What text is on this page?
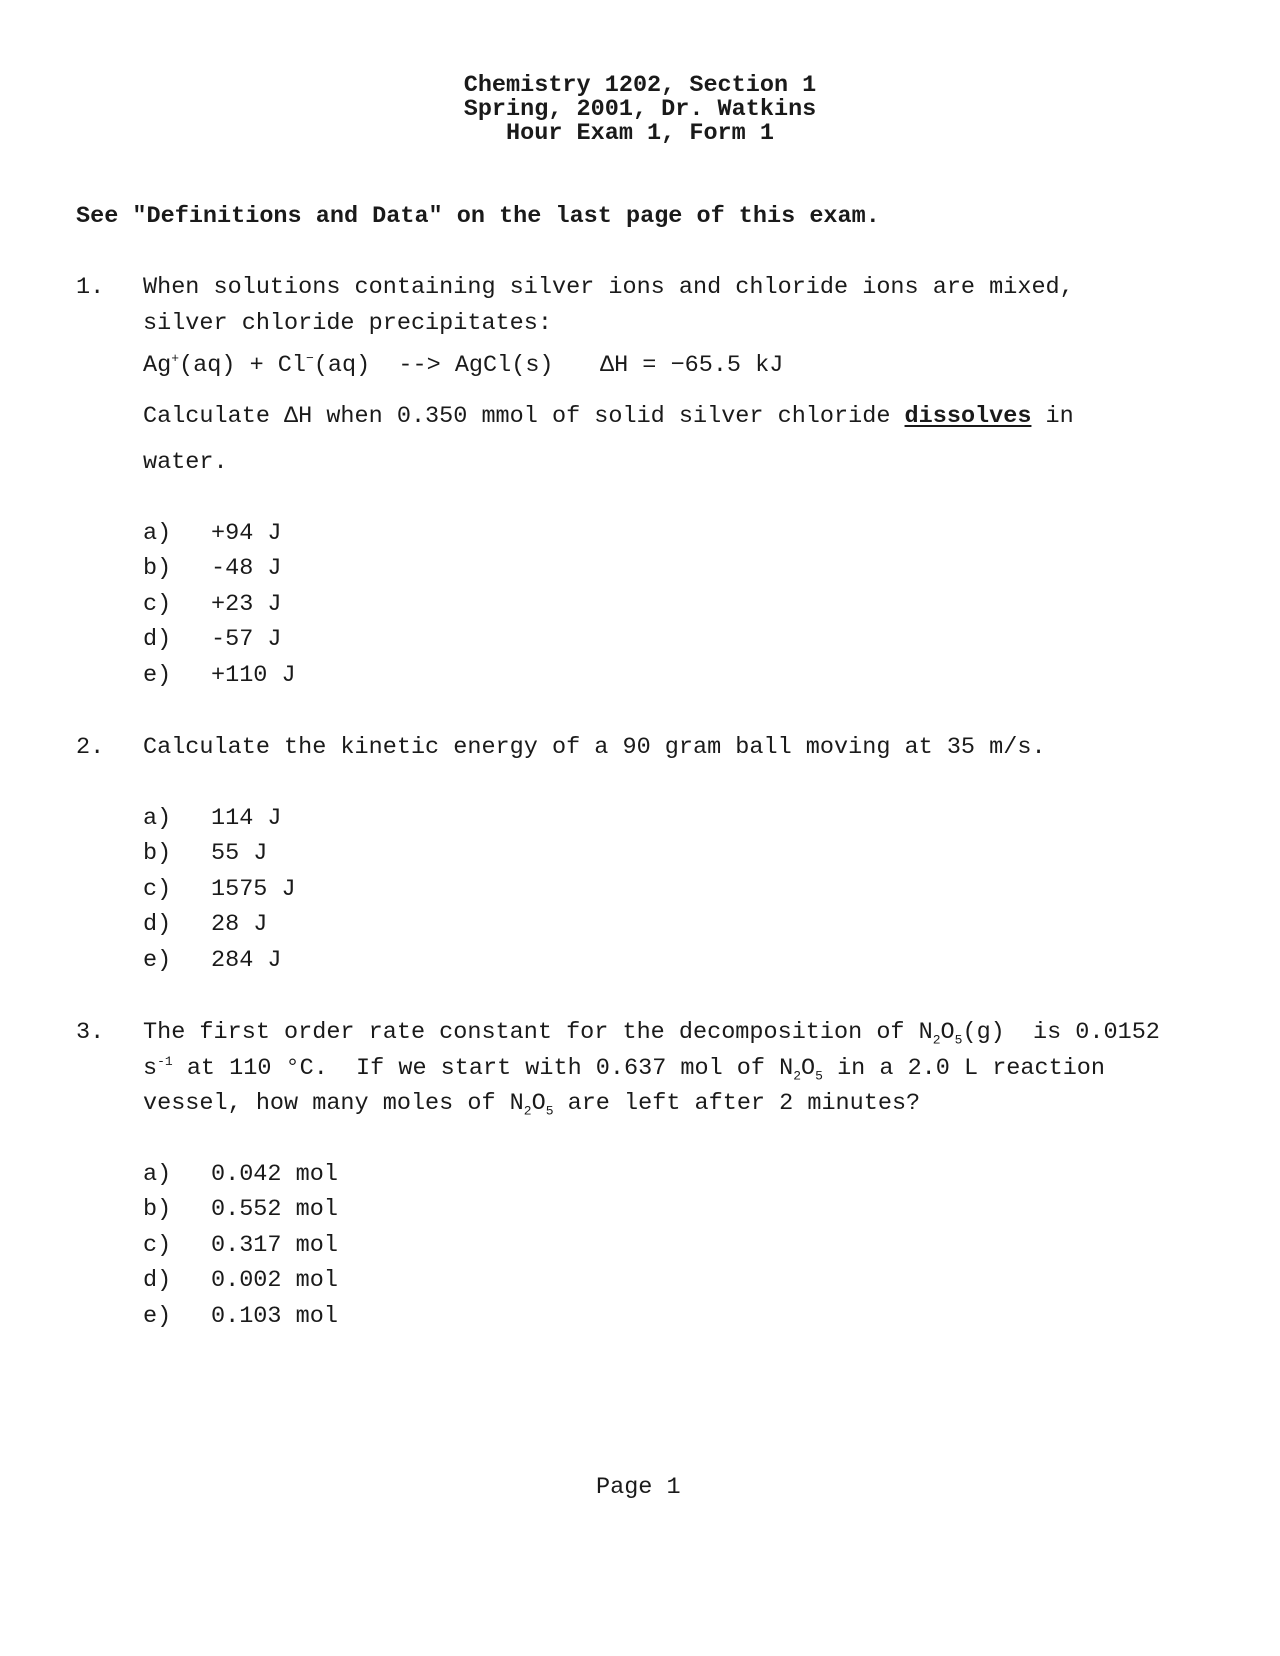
Chemistry 1202, Section 1
Spring, 2001, Dr. Watkins
Hour Exam 1, Form 1
See "Definitions and Data" on the last page of this exam.
1. When solutions containing silver ions and chloride ions are mixed,
silver chloride precipitates:
Ag+(aq) + Cl−(aq)  --> AgCl(s) ΔH = −65.5 kJ
Calculate ΔH when 0.350 mmol of solid silver chloride dissolves in
water.
a) +94 J
b) -48 J
c) +23 J
d) -57 J
e) +110 J
2. Calculate the kinetic energy of a 90 gram ball moving at 35 m/s.
a) 114 J
b) 55 J
c) 1575 J
d) 28 J
e) 284 J
3. The first order rate constant for the decomposition of $N_2O_5(g)$  is 0.0152
$s^{-1}$ at 110 °C.  If we start with 0.637 mol of $N_2O_5$ in a 2.0 L reaction
vessel, how many moles of $N_2O_5$ are left after 2 minutes?
a) 0.042 mol
b) 0.552 mol
c) 0.317 mol
d) 0.002 mol
e) 0.103 mol
Page 1
